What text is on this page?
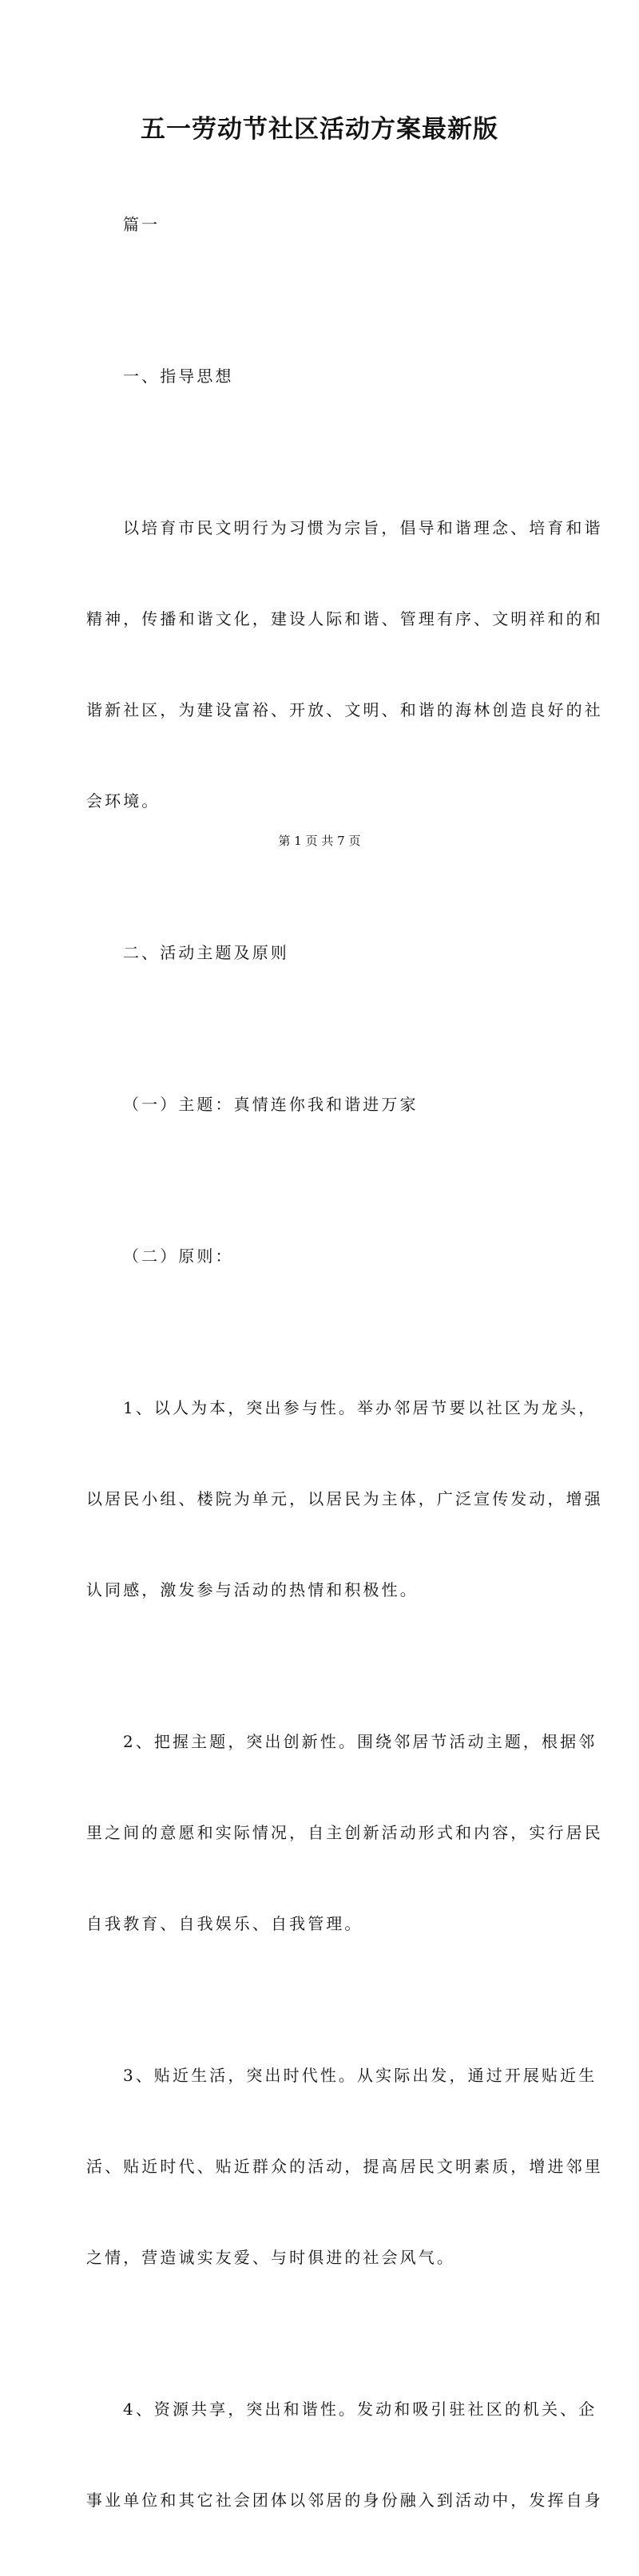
五一劳动节社区活动方案最新版

篇一

一、指导思想

以培育市民文明行为习惯为宗旨，倡导和谐理念、培育和谐

精神，传播和谐文化，建设人际和谐、管理有序、文明祥和的和

谐新社区，为建设富裕、开放、文明、和谐的海林创造良好的社

会环境。

二、活动主题及原则

（一）主题：真情连你我和谐进万家

（二）原则：

1、以人为本，突出参与性。举办邻居节要以社区为龙头，

以居民小组、楼院为单元，以居民为主体，广泛宣传发动，增强

认同感，激发参与活动的热情和积极性。

2、把握主题，突出创新性。围绕邻居节活动主题，根据邻

里之间的意愿和实际情况，自主创新活动形式和内容，实行居民

自我教育、自我娱乐、自我管理。

3、贴近生活，突出时代性。从实际出发，通过开展贴近生

活、贴近时代、贴近群众的活动，提高居民文明素质，增进邻里

之情，营造诚实友爱、与时俱进的社会风气。

4、资源共享，突出和谐性。发动和吸引驻社区的机关、企

事业单位和其它社会团体以邻居的身份融入到活动中，发挥自身

第 1 页 共 7 页
